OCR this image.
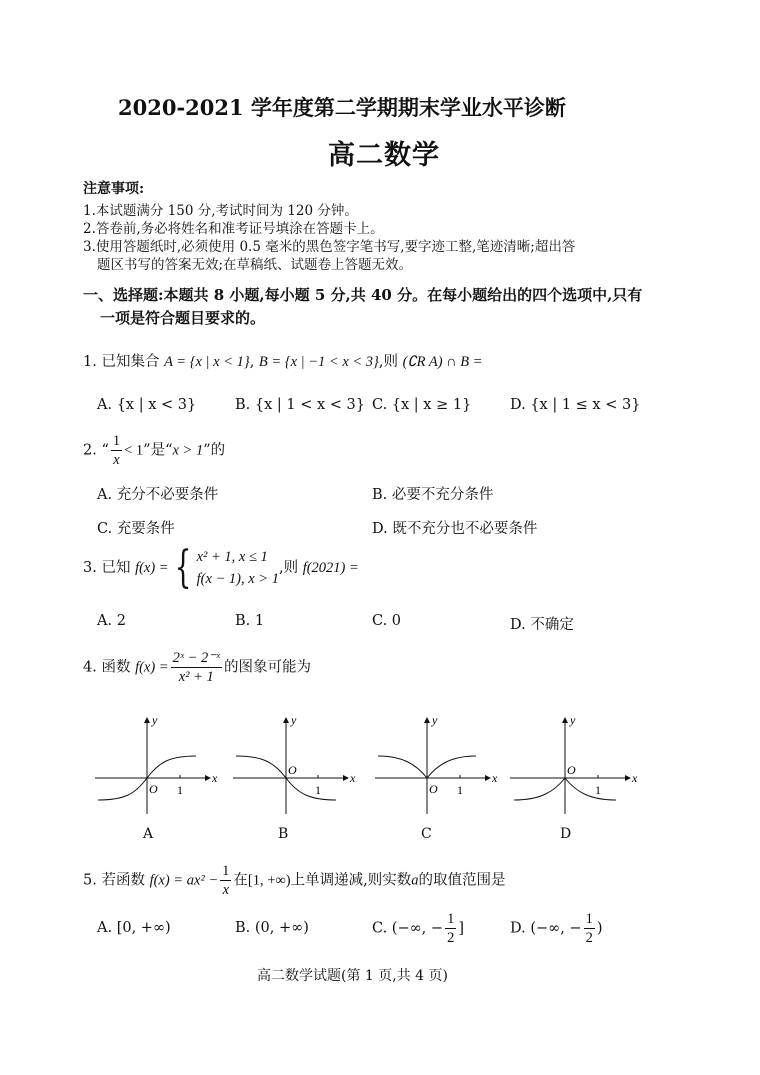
2020-2021 学年度第二学期期末学业水平诊断
高二数学
注意事项:
1.本试题满分 150 分,考试时间为 120 分钟。
2.答卷前,务必将姓名和准考证号填涂在答题卡上。
3.使用答题纸时,必须使用 0.5 毫米的黑色签字笔书写,要字迹工整,笔迹清晰;超出答
题区书写的答案无效;在草稿纸、试题卷上答题无效。
一、选择题:本题共 8 小题,每小题 5 分,共 40 分。在每小题给出的四个选项中,只有
一项是符合题目要求的。
1. 已知集合 A = {x | x < 1}, B = {x | −1 < x < 3},则 (∁R A) ∩ B =
A. {x | x < 3}	B. {x | 1 < x < 3} C. {x | x ≥ 1}	D. {x | 1 ≤ x < 3}
2. “ $\frac{1}{x} < 1$”是“x > 1”的
A. 充分不必要条件	B. 必要不充分条件
C. 充要条件	D. 既不充分也不必要条件
3. 已知 f(x) = { x² + 1, x ≤ 1
f(x − 1), x > 1
,则 f(2021) =
A. 2	B. 1	C. 0	D. 不确定
4. 函数 $f(x) = \frac{\text{2ˣ − 2⁻ˣ}}{\text{x² + 1}}$ 的图象可能为
x
y
O 1
x
y
O
1
x
y
O 1
x
y
O
1
A	B	C	D
5. 若函数 $f(x) = ax^2 - \frac{1}{x}$ 在[1, +∞)上单调递减,则实数a的取值范围是
A. [0, +∞)	B. (0, +∞)	C. (−∞, − $\frac{1}{2}$ ]	D. (−∞, − $\frac{1}{2}$ )
高二数学试题(第 1 页,共 4 页)
